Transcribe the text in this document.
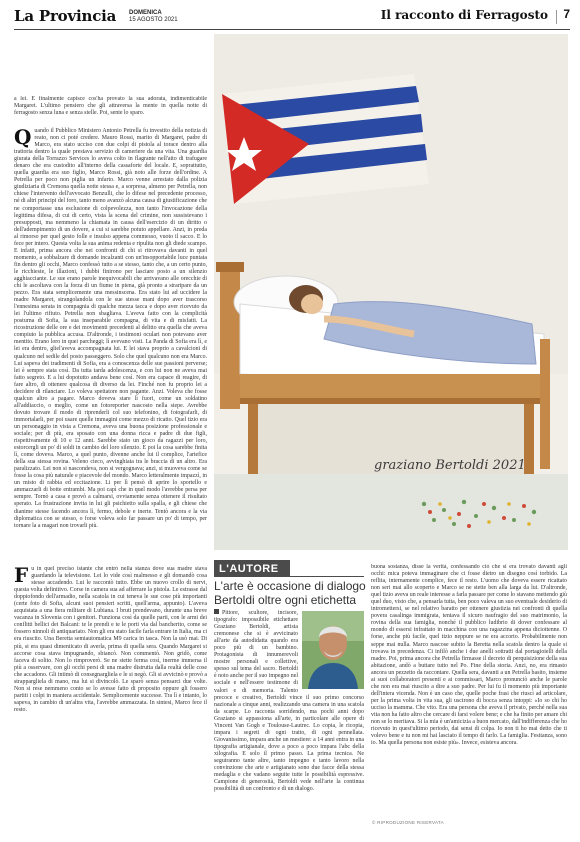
La Provincia DOMENICA
15 AGOSTO 2021	Il racconto di Ferragosto 7

a lei. È finalmente capisce cos'ha provato la sua adorata, indimenticabile Margaret. L'ultimo pensiero che gli attraversa la mente in quella notte di ferragosto senza luna e senza stelle. Poi, sente lo sparo.

Quando il Pubblico Ministero Antonio Petrella fu investito della notizia di reato, non ci poté credere. Mauro Rossi, marito di Margaret, padre di Marco, era stato ucciso con due colpi di pistola al torace dentro alla trattoria dentro la quale prestava servizio di cameriere da una vita. Una guardia giurata della Torrazzo Services lo aveva colto in flagrante nell'atto di trafugare denaro che era custodito all'interno della cassaforte del locale. E, soprattutto, quella guardia era suo figlio, Marco Rossi, già noto alle forze dell'ordine. A Petrella per poco non piglia un infarto. Marco venne arrestato dalla polizia giudiziaria di Cremona quella notte stessa e, a sorpresa, almeno per Petrella, non chiese l'intervento dell'avvocato Benzulli, che lo difese nel precedente processo, né di altri principi del foro, tanto meno avanzò alcuna causa di giustificazione che ne comportasse una esclusione di colpevolezza, non tanto l'invocazione della legittima difesa, di cui di certo, vista la scena del crimine, non sussistevano i presupposti, ma nemmeno la chiamata in causa dell'esercizio di un diritto o dell'adempimento di un dovere, a cui si sarebbe potuto appellare. Anzi, in preda al rimorso per quel gesto folle e insulso appena commesso, vuoto il sacco. E lo fece per intero. Questa volta la sua anima redenta e ripulita non gli diede scampo. E infatti, prima ancora che nei confronti di chi si ritrovava davanti in quel momento, a sobbalzare di domande incalzanti con un'insopportabile luce puntata fin dentro gli occhi, Marco confessò tutto a se stesso, tanto che, a un certo punto, le ricchieste, le illazioni, i dubbi finirono per lasciare posto a un silenzio agghiacciante. Le sue erano parole inequivocabili che arrivavano alle orecchie di chi le ascoltava con la forza di un fiume in piena, già pronto a straripare da un pezzo. Era stata semplicemente una messinscena. Era stato lui ad uccidere la madre Margaret, strangolandola con le sue stesse mani dopo aver trascorso l'ennesima serata in compagnia di qualche mezza tacca e dopo aver ricevuto da lei l'ultimo rifiuto. Petrella non sbagliava. L'aveva fatto con la complicità posturna di Sofia, la sua inseparabile compagna, di vita e di misfatti. La ricostruzione delle ore e dei movimenti precedenti al delitto era quella che aveva compiuto la pubblica accusa. D'altronde, i testimoni oculari non potevano aver mentito. Erano loro in quei parcheggi; lì avevano visti. La Panda di Sofia era lì, e lei era dentro, gliel'aveva accompagnata lui. E lei stava proprio a cavalcioni di qualcuno nel sedile del posto passeggero. Solo che quel qualcuno non era Marco. Lui sapeva dei tradimenti di Sofia, era a conoscenza delle sue passioni perverse; lei è sempre stata così. Da tutta tarda adolescenza, e con lui non ne aveva mai fatto segreto. E a lui dopotutto andava bene così. Non era capace di reagire, di fare altro, di ottenere qualcosa di diverso da lei. Finché non fu proprio lei a decidere di rilanciare. Lo voleva spettatore non pagante. Anzi. Voleva che fosse qualcun altro a pagare. Marco doveva stare lì fuori, come un soldatino all'addiaccio, o meglio, come un fotoreporter nascosto nella siepe. Avrebbe dovuto trovare il modo di riprenderli col suo telefonino, di fotografarli, di immortalarli, per poi usare quelle immagini come mezzo di ricatto. Quel tizio era un personaggio in vista a Cremona, aveva una buona posizione professionale e sociale; per di più, era sposato con una donna ricca e padre di due figli, rispettivamente di 10 e 12 anni. Sarebbe stato un gioco da ragazzi per loro, estorcergli un po' di soldi in cambio del loro silenzio. E poi la cosa sarebbe finita lì, come doveva. Marco, a quel punto, divenne anche lui il complice, l'artefice della sua stessa rovina. Veleno cieco, avvinghiata tra le braccia di un altro. Era paralizzato. Lei non si nascondeva, non si vergognava; anzi, si muoveva come se fosse la cosa più naturale e piacevole del mondo. Marco letteralmente impazzì, in un misto di rabbia ed eccitazione. Li per lì pensò di aprire lo sportello e ammazzarli di botte entrambi. Ma poi capì che in quel modo l'avrebbe persa per sempre. Tornò a casa e provò a calmarsi, ovviamente senza ottenere il risultato sperato. La frustrazione invita in lui gli psichietto sulla spalla, e gli chiese che dianime stesse facendo ancora lì, fermo, debole e inerte. Tentò ancora e la via diplomatica con se stesso, o forse voleva solo far passare un po' di tempo, per tornare la a magari non trovarli più.

Fu in quel preciso istante che entrò nella stanza dove sua madre stava guardando la televisione. Lei lo vide così malmesso e gli domandò cosa stesse accadendo. Lui le raccontò tutto. Ebbe un nuovo crollo di nervi, questa volta definitivo. Corse in camera sua ad afferrare la pistola. Le estrasse dal doppiofondo dell'armadio, nella scatola in cui teneva le sue cose più importanti (certe foto di Sofia, alcuni suoi pensieri scritti, quell'arma, appunto). L'aveva acquistata a una fiera militare di Lubiana. I bruti prendevano, durante una breve vacanza in Slovenia con i genitori. Funziona così da quelle parti, con le armi dei conflitti bellici dei Balcani: te le prendi e te le porti via dal bancherito, come se fossero ninnoli di antiquariato. Non gli era stato facile farla entrare in Italia, ma ci era riuscito. Una Beretta semiautomatica M9 carica in tasca. Non la usò mai. Di più, si era quasi dimenticato di averla, prima di quella sera. Quando Margaret si accorse cosa stava impugnando, sbiancò. Non commentò. Non gridò, come faceva di solito. Non lo rimproverò. Se ne stette ferma così, inerme immersa il più a osservare, con gli occhi persi di una madre distrutta dalla realtà delle cose che accadono. Gli intimò di consegnargliela e le si negò. Gli si avvicinò e provò a strappargliela di mano, ma lui si divincolò. Le sparò senza pensarci due volte. Non si rese nemmeno conto se lo avesse fatto di proposito oppure gli fossero partiti i colpi in maniera accidentale. Semplicemente successe. Tra lì e intanto, lo sapeva, in cambio di un'altra vita, l'avrebbe ammazzata. In sintesi, Marco fece il resto.

graziano Bertoldi 2021
L'AUTORE
L'arte è occasione di dialogo Bertoldi oltre ogni etichetta

Pittore, scultore, incisore, tipografo: impossibile etichettare Graziano Bertoldi, artista cremonese che si è avvicinato all'arte da autodidatta quando era poco più di un bambino. Protagonista di innumerevoli mostre personali e collettive, spesso sul tema del sacro. Bertoldi è noto anche per il suo impegno nel sociale e nell'essere testimone di valori e di memoria. Talento precoce e creativo, Bertoldi vince il suo primo concorso nazionale a cinque anni, realizzando una camera in una scatola da scarpe. Lo racconta sorridendo, ma pochi anni dopo Graziano si appassiona all'arte, in particolare alle opere di Vincent Van Gogh e Toulouse-Lautrec. Lo copia, le ricopia, impara i segreti di ogni tratto, di ogni pennellata. Giovanissimo, impara anche un mestiere: a 14 anni entra in una tipografia artigianale, dove a poco a poco impara l'abc della xilografia. E solo il primo passo. La prima tecnica. Ne seguiranno tante altre, tanto impegno e tanto lavoro nella convinzione che arte e artigianato sono due facce della stessa medaglia e che vadano seguite tutte le possibilità espressive. Campione di generosità, Bertoldi vede nell'arte la continua possibilità di un confronto e di un dialogo.

buona sostanza, disse la verità, confessando ciò che si era trovato davanti agli occhi: mica poteva immaginare che ci fosse dietro un disegno così torbido. La reflita, internamente complice, fece il resto. L'uomo che doveva essere ricattato non seri mai allo scoperto e Marco se ne stette ben alla larga da lui. D'altronde, quel tizio aveva un reale interesse a farla passare per come lo stavano mettendo giù quel duo, visto che, a pensarla tutta, ben poco valeva un suo eventuale desiderio di intromettersi, se nel relativo baratto per ottenere giustizia nei confronti di quella povera casalinga immigrata, tentava il sicuro naufragio del suo matrimonio, la rovina della sua famiglia, nonché il pubblico ludibrio di dover confessare al mondo di essersi infrattato in macchina con una ragazzina appena diciottenne. O forse, anche più facile, quel tizio neppure se ne era accorto. Probabilmente non seppe mai nulla. Marco nascose subito la Beretta nella scatola dentro la quale si trovava in precedenza. Ci infilò anche i due anelli sottratti dal portagioielli della madre. Poi, prima ancora che Petrella firmasse il decreto di perquisizione della sua abitazione, andò a buttare tutto nel Po. Fine della storia. Anzi, no, era rimasto ancora un pezzetto da raccontare. Quella sera, davanti a un Petrella basito, insieme ai suoi collaboratori presenti e ai commissari, Marco pronunciò anche le parole che non era mai riuscito a dire a suo padre. Per lui fu il momento più importante dell'intera vicenda. Non è un caso che, quelle poche frasi che riuscì ad articolare, per la prima volta in vita sua, gli uscirono di bocca senza intoppi: «Io so chi ho ucciso la mamma. Che vito. Era una persona che aveva il privato, perché nella sua vita non ha fatto altro che cercare di farsi volere bene; e che ha finito per amare chi non se lo meritava. Si la mia è un'amicizia a buon mercato, dall'indifferenza che ho ricevuto in quest'ultimo periodo, dai sensi di colpa. Io non ti ho mai detto che ti volevo bene e tu non mi hai lasciato il tempo di farlo. La famiglia. Fesitanza, sono io. Ma quella persona non esiste più». Invece, esisteva ancora.

© RIPRODUZIONE RISERVATA
